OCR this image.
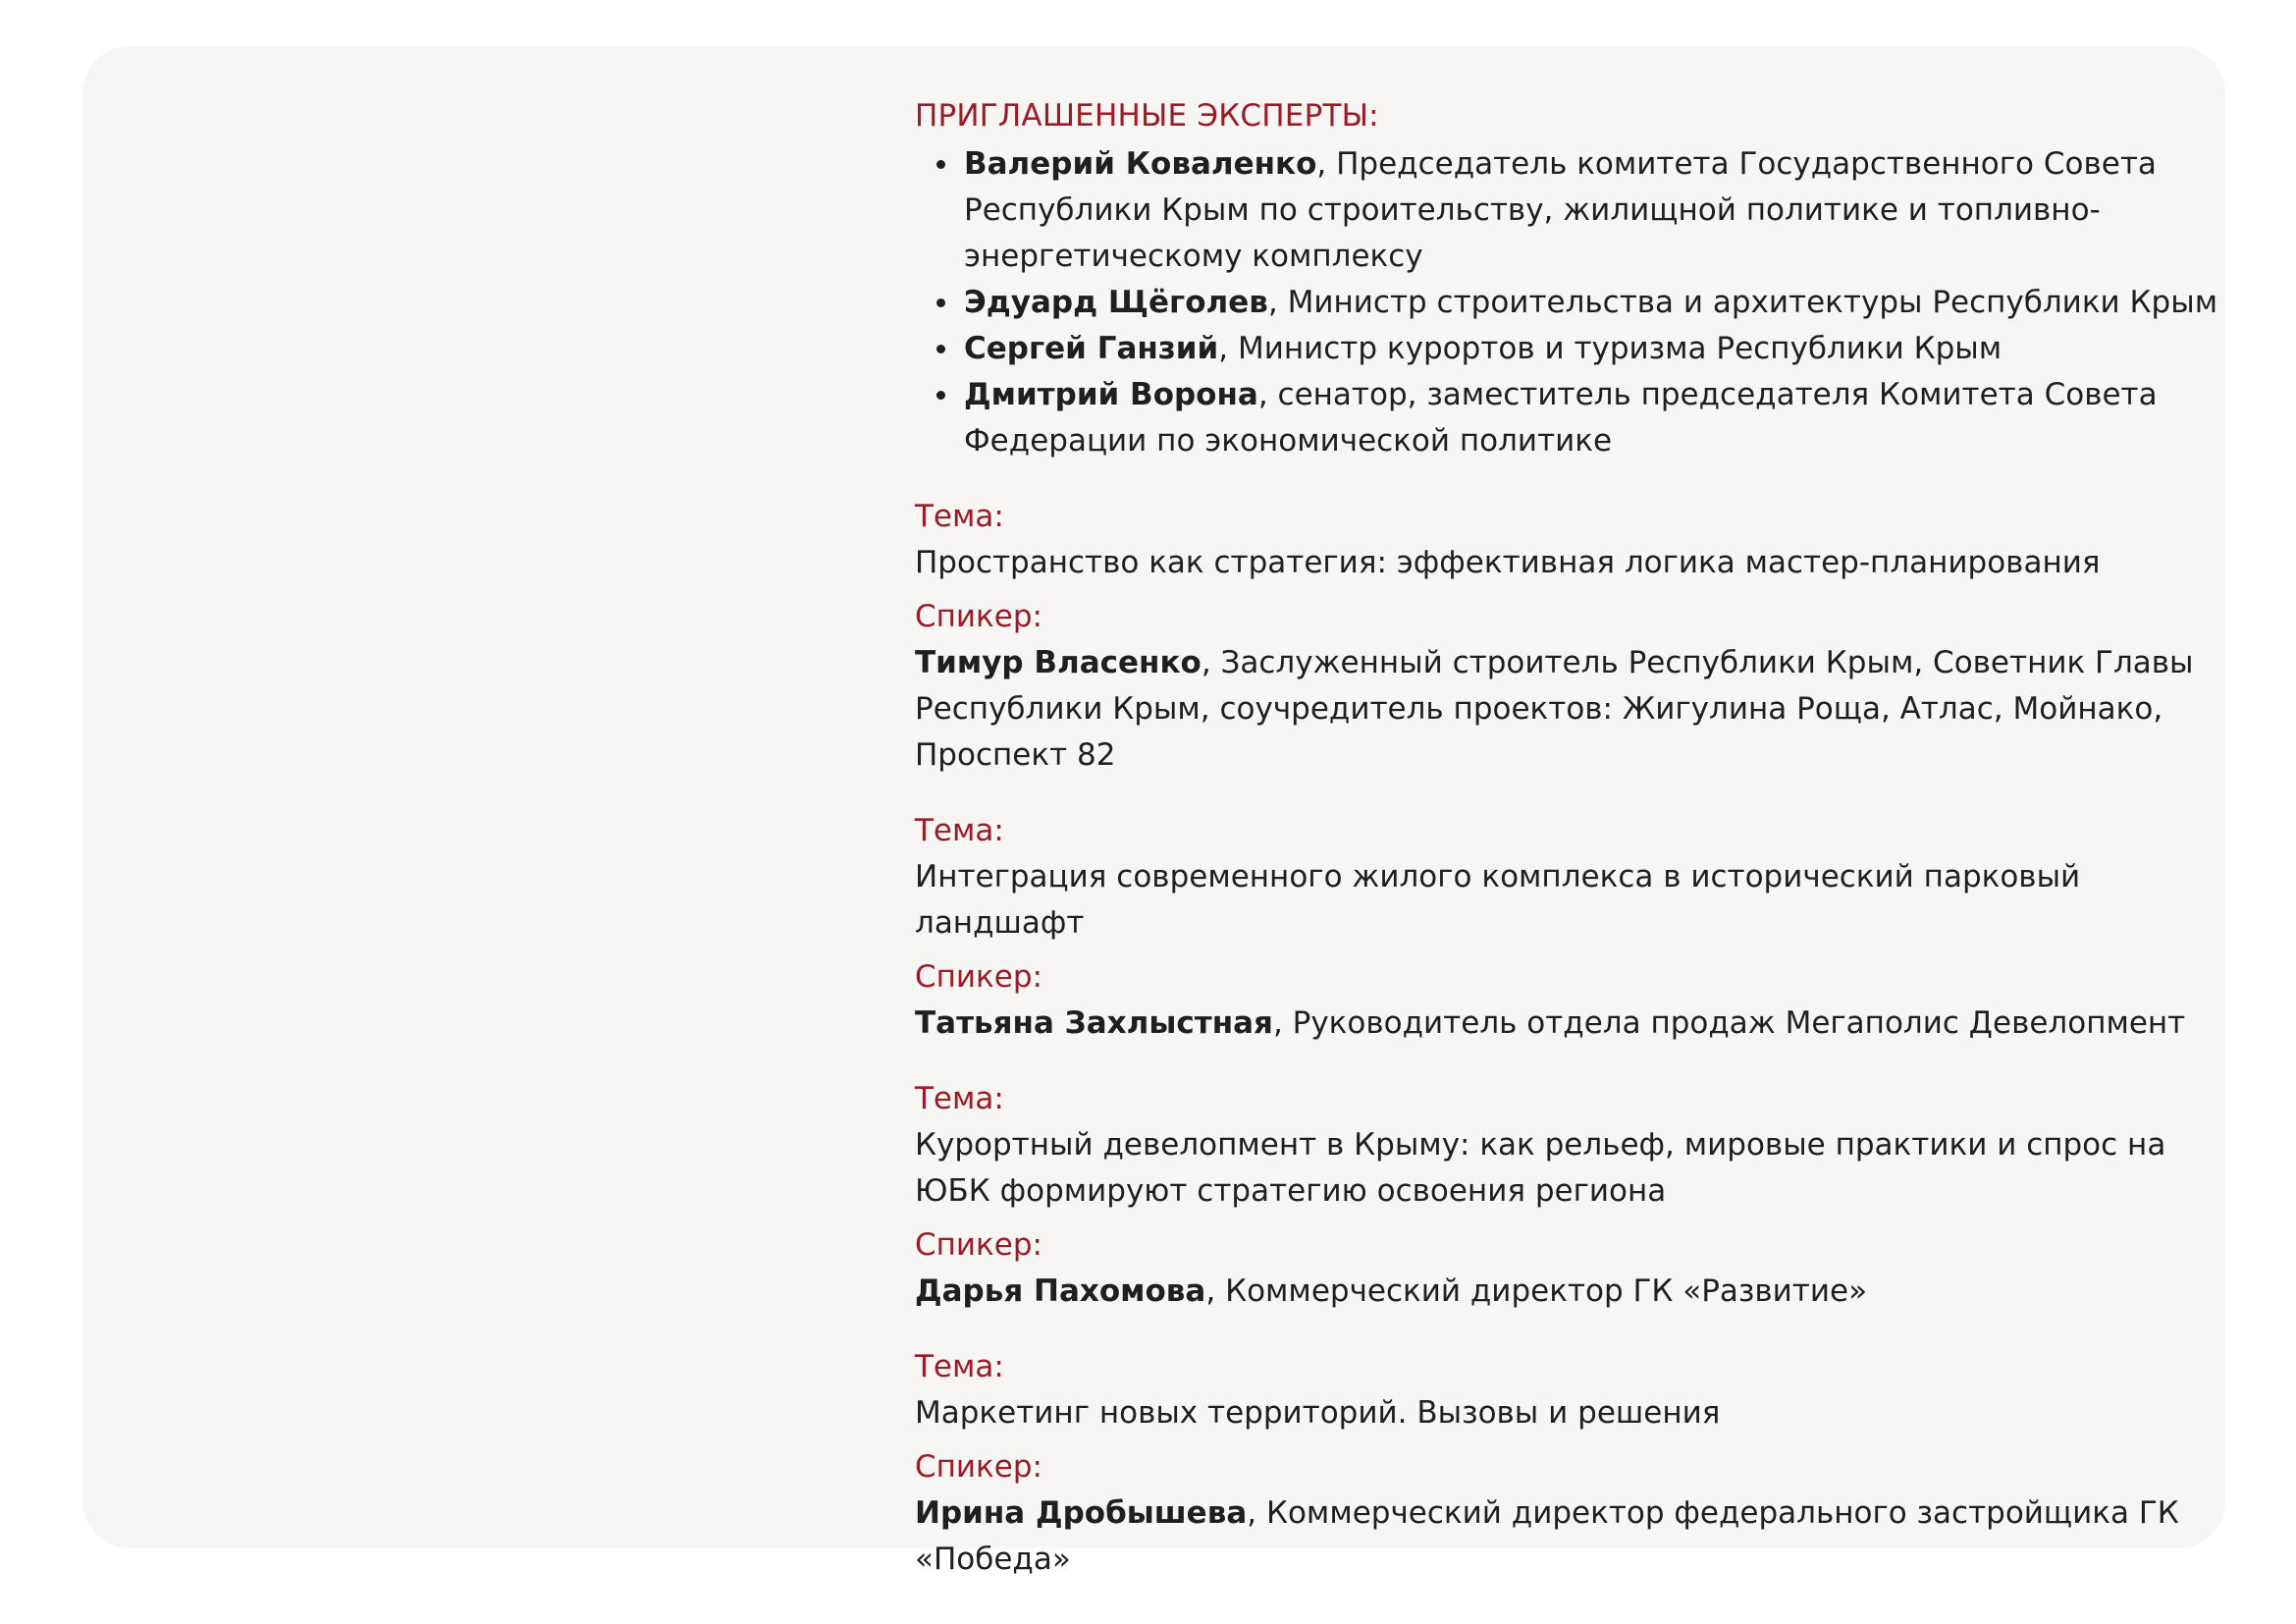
ПРИГЛАШЕННЫЕ ЭКСПЕРТЫ:
Валерий Коваленко, Председатель комитета Государственного Совета Республики Крым по строительству, жилищной политике и топливно-энергетическому комплексу
Эдуард Щёголев, Министр строительства и архитектуры Республики Крым
Сергей Ганзий, Министр курортов и туризма Республики Крым
Дмитрий Ворона, сенатор, заместитель председателя Комитета Совета Федерации по экономической политике
Тема:
Пространство как стратегия: эффективная логика мастер-планирования
Спикер:
Тимур Власенко, Заслуженный строитель Республики Крым, Советник Главы Республики Крым, соучредитель проектов: Жигулина Роща, Атлас, Мойнако, Проспект 82
Тема:
Интеграция современного жилого комплекса в исторический парковый ландшафт
Спикер:
Татьяна Захлыстная, Руководитель отдела продаж Мегаполис Девелопмент
Тема:
Курортный девелопмент в Крыму: как рельеф, мировые практики и спрос на ЮБК формируют стратегию освоения региона
Спикер:
Дарья Пахомова, Коммерческий директор ГК «Развитие»
Тема:
Маркетинг новых территорий. Вызовы и решения
Спикер:
Ирина Дробышева, Коммерческий директор федерального застройщика ГК «Победа»
